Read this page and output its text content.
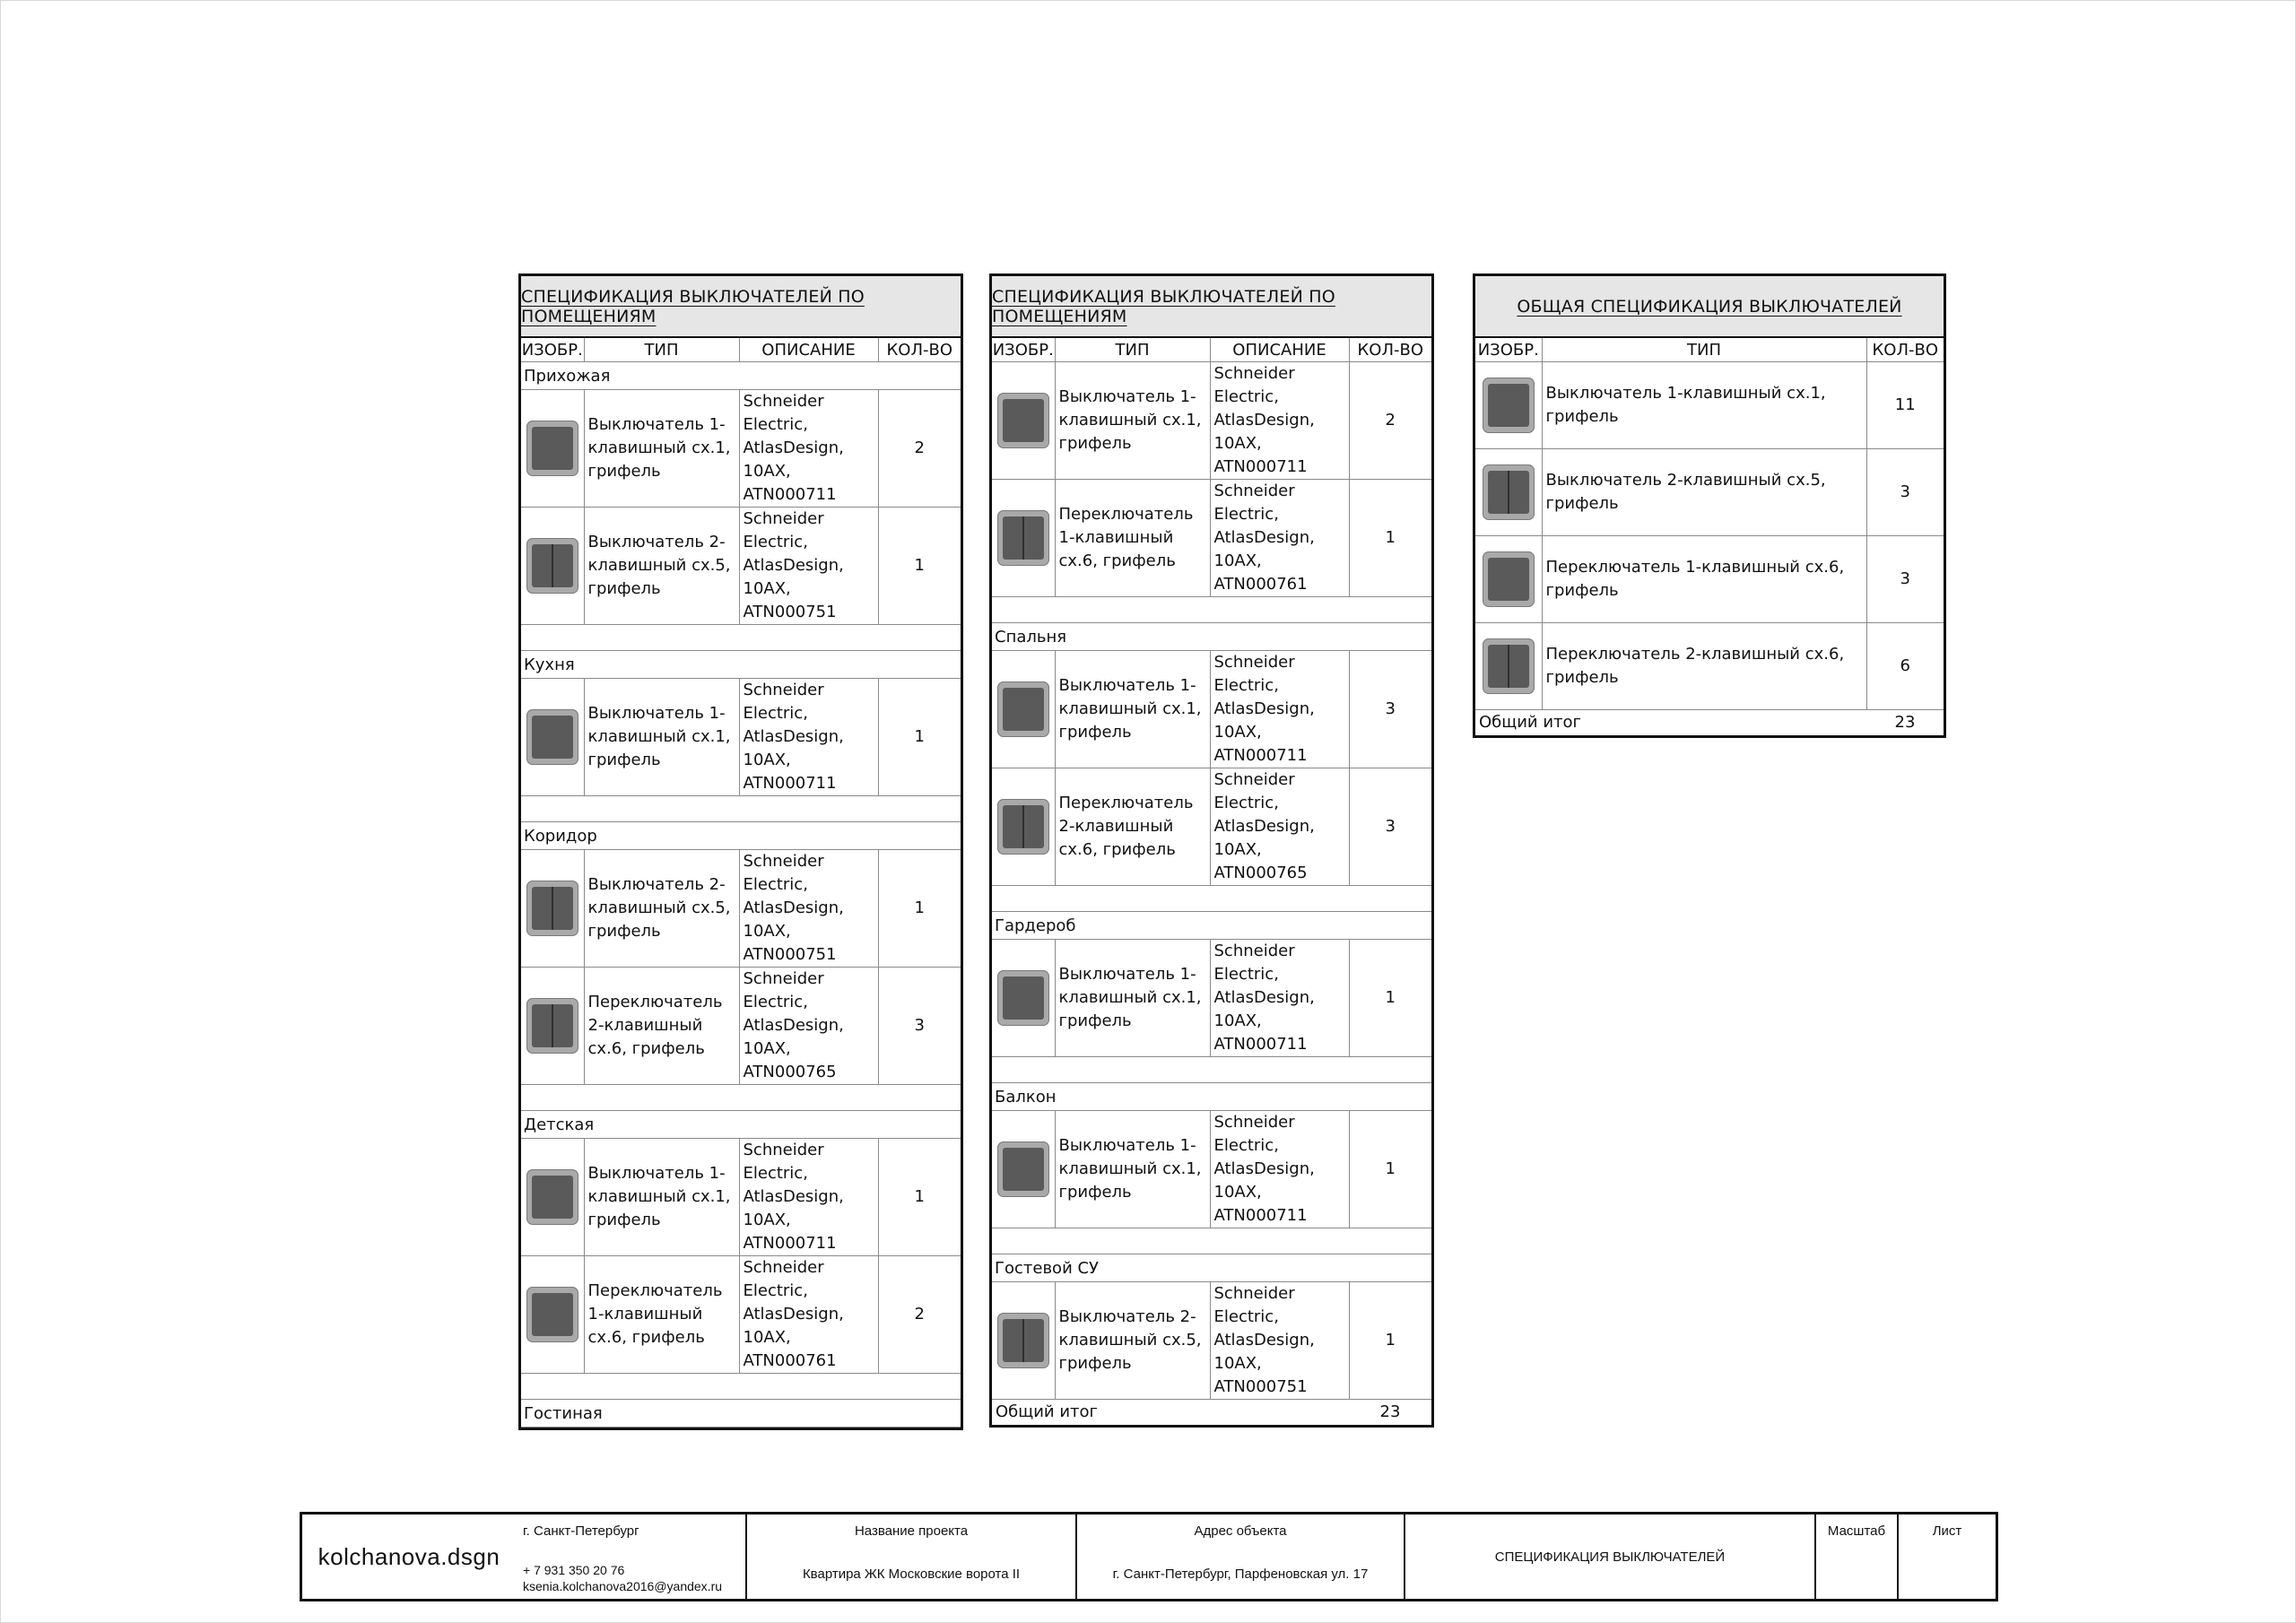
СПЕЦИФИКАЦИЯ ВЫКЛЮЧАТЕЛЕЙ ПО ПОМЕЩЕНИЯМ
ИЗОБР.	ТИП	ОПИСАНИЕ	КОЛ-ВО
Прихожая			
	Выключатель 1-клавишный сх.1, грифель	Schneider Electric, AtlasDesign, 10AX, ATN000711	2
	Выключатель 2-клавишный сх.5, грифель	Schneider Electric, AtlasDesign, 10AX, ATN000751	1

Кухня			
	Выключатель 1-клавишный сх.1, грифель	Schneider Electric, AtlasDesign, 10AX, ATN000711	1

Коридор			
	Выключатель 2-клавишный сх.5, грифель	Schneider Electric, AtlasDesign, 10AX, ATN000751	1
	Переключатель 2-клавишный сх.6, грифель	Schneider Electric, AtlasDesign, 10AX, ATN000765	3

Детская			
	Выключатель 1-клавишный сх.1, грифель	Schneider Electric, AtlasDesign, 10AX, ATN000711	1
	Переключатель 1-клавишный сх.6, грифель	Schneider Electric, AtlasDesign, 10AX, ATN000761	2

Гостиная			
СПЕЦИФИКАЦИЯ ВЫКЛЮЧАТЕЛЕЙ ПО ПОМЕЩЕНИЯМ
ИЗОБР.	ТИП	ОПИСАНИЕ	КОЛ-ВО
	Выключатель 1-клавишный сх.1, грифель	Schneider Electric, AtlasDesign, 10AX, ATN000711	2
	Переключатель 1-клавишный сх.6, грифель	Schneider Electric, AtlasDesign, 10AX, ATN000761	1

Спальня			
	Выключатель 1-клавишный сх.1, грифель	Schneider Electric, AtlasDesign, 10AX, ATN000711	3
	Переключатель 2-клавишный сх.6, грифель	Schneider Electric, AtlasDesign, 10AX, ATN000765	3

Гардероб			
	Выключатель 1-клавишный сх.1, грифель	Schneider Electric, AtlasDesign, 10AX, ATN000711	1

Балкон			
	Выключатель 1-клавишный сх.1, грифель	Schneider Electric, AtlasDesign, 10AX, ATN000711	1

Гостевой СУ			
	Выключатель 2-клавишный сх.5, грифель	Schneider Electric, AtlasDesign, 10AX, ATN000751	1
Общий итог			23
ОБЩАЯ СПЕЦИФИКАЦИЯ ВЫКЛЮЧАТЕЛЕЙ
ИЗОБР.	ТИП	КОЛ-ВО
	Выключатель 1-клавишный сх.1, грифель	11
	Выключатель 2-клавишный сх.5, грифель	3
	Переключатель 1-клавишный сх.6, грифель	3
	Переключатель 2-клавишный сх.6, грифель	6
Общий итог		23
kolchanova.dsgn
г. Санкт-Петербург
+ 7 931 350 20 76
ksenia.kolchanova2016@yandex.ru
Название проекта
Квартира ЖК Московские ворота II
Адрес объекта
г. Санкт-Петербург, Парфеновская ул. 17
СПЕЦИФИКАЦИЯ ВЫКЛЮЧАТЕЛЕЙ
Масштаб	Лист
